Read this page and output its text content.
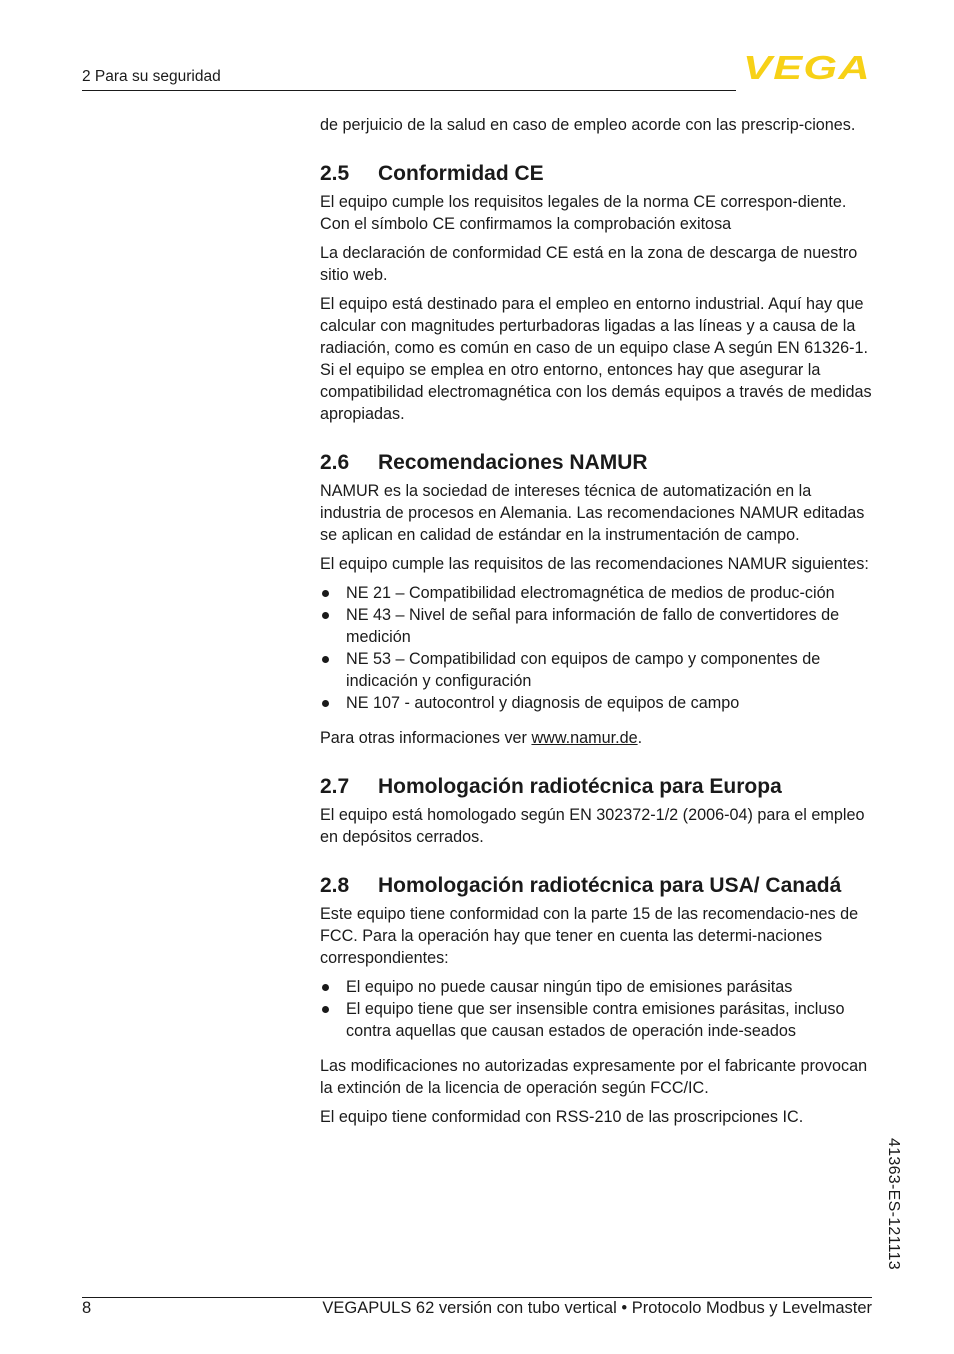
2 Para su seguridad	VEGA

de perjuicio de la salud en caso de empleo acorde con las prescrip-ciones.

2.5	Conformidad CE

El equipo cumple los requisitos legales de la norma CE correspon-diente. Con el símbolo CE confirmamos la comprobación exitosa

La declaración de conformidad CE está en la zona de descarga de nuestro sitio web.

El equipo está destinado para el empleo en entorno industrial. Aquí hay que calcular con magnitudes perturbadoras ligadas a las líneas y a causa de la radiación, como es común en caso de un equipo clase A según EN 61326-1. Si el equipo se emplea en otro entorno, entonces hay que asegurar la compatibilidad electromagnética con los demás equipos a través de medidas apropiadas.

2.6	Recomendaciones NAMUR

NAMUR es la sociedad de intereses técnica de automatización en la industria de procesos en Alemania. Las recomendaciones NAMUR editadas se aplican en calidad de estándar en la instrumentación de campo.

El equipo cumple las requisitos de las recomendaciones NAMUR siguientes:

NE 21 – Compatibilidad electromagnética de medios de produc-ción
NE 43 – Nivel de señal para información de fallo de convertidores de medición
NE 53 – Compatibilidad con equipos de campo y componentes de indicación y configuración
NE 107 - autocontrol y diagnosis de equipos de campo

Para otras informaciones ver www.namur.de.

2.7	Homologación radiotécnica para Europa

El equipo está homologado según EN 302372-1/2 (2006-04) para el empleo en depósitos cerrados.

2.8	Homologación radiotécnica para USA/ Canadá

Este equipo tiene conformidad con la parte 15 de las recomendacio-nes de FCC. Para la operación hay que tener en cuenta las determi-naciones correspondientes:

El equipo no puede causar ningún tipo de emisiones parásitas
El equipo tiene que ser insensible contra emisiones parásitas, incluso contra aquellas que causan estados de operación inde-seados

Las modificaciones no autorizadas expresamente por el fabricante provocan la extinción de la licencia de operación según FCC/IC.

El equipo tiene conformidad con RSS-210 de las proscripciones IC.

41363-ES-121113
8	VEGAPULS 62 versión con tubo vertical • Protocolo Modbus y Levelmaster
